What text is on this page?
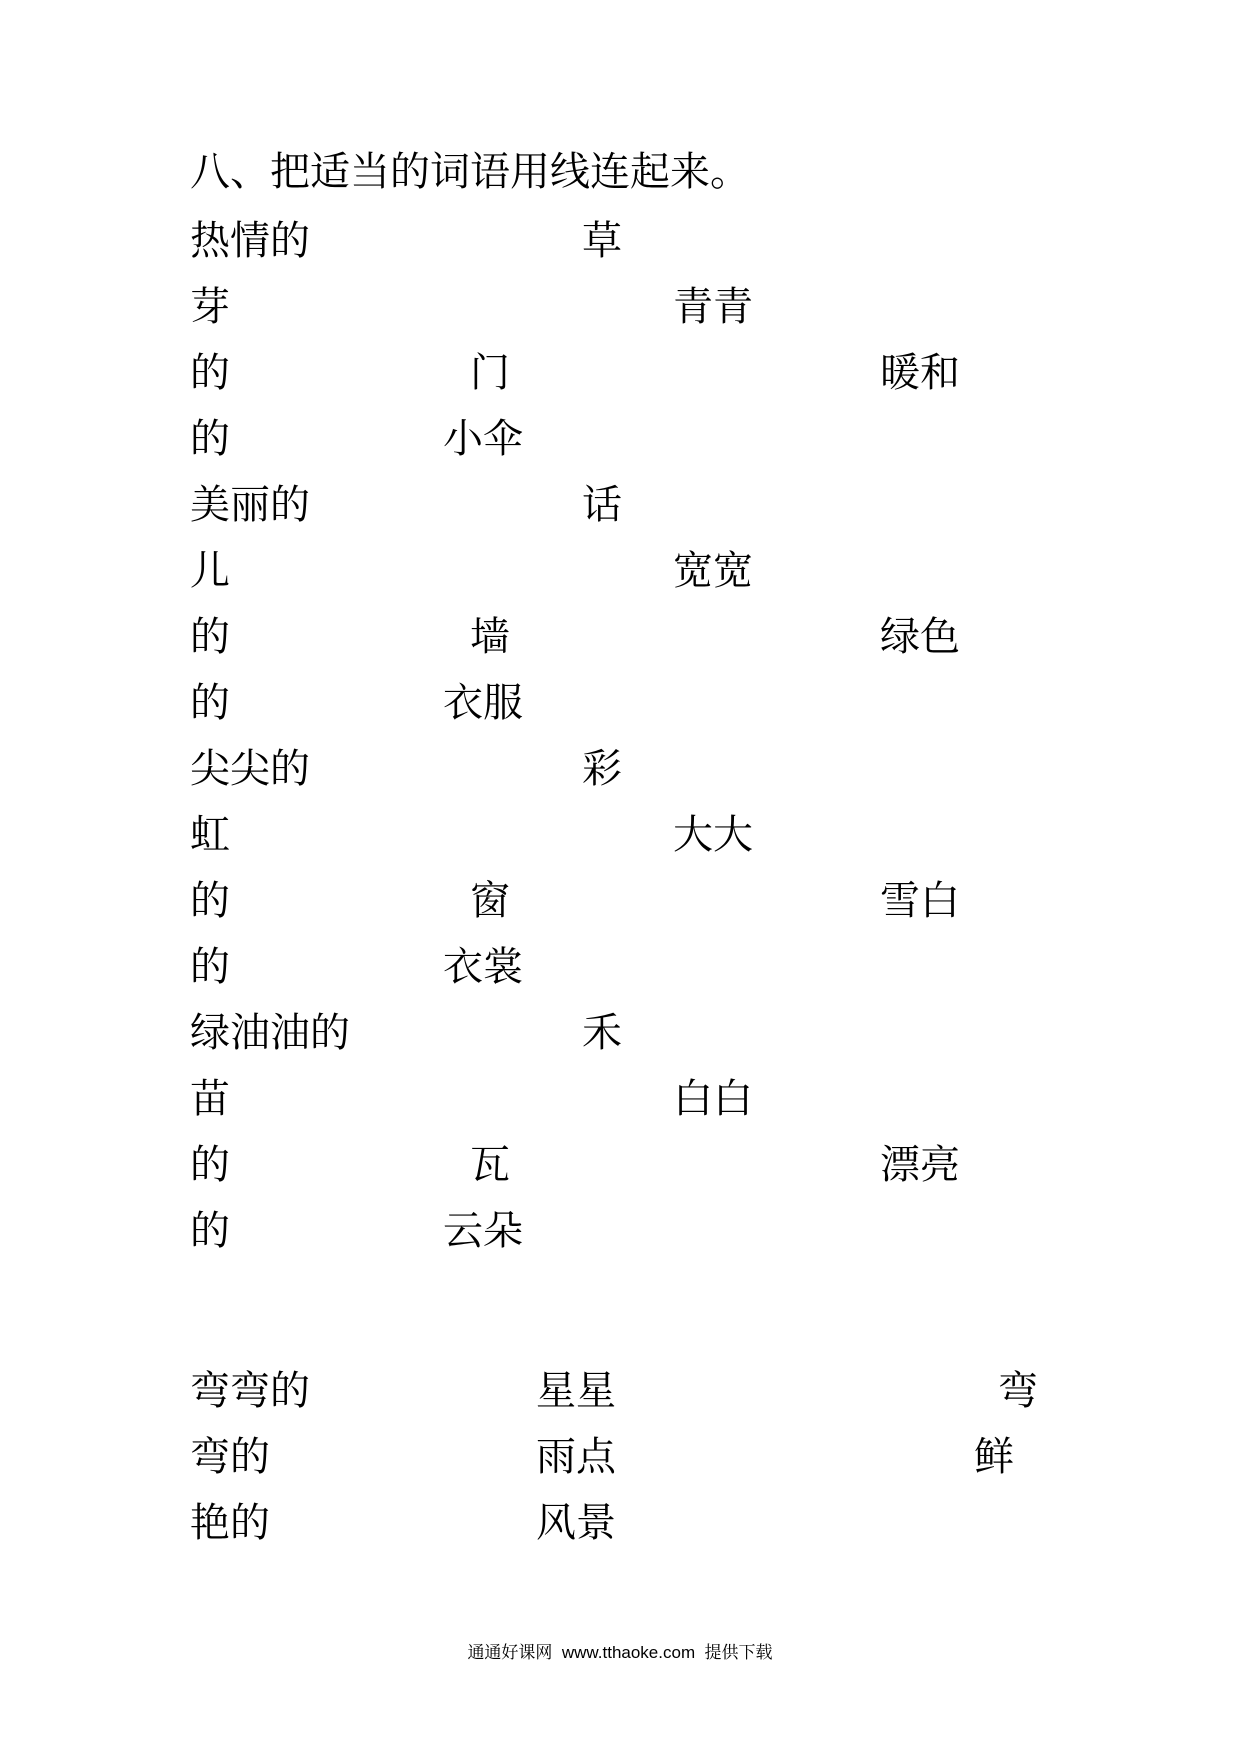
八、把适当的词语用线连起来。
热情的	草
芽	青青
的	门	暖和
的	小伞
美丽的	话
儿	宽宽
的	墙	绿色
的	衣服
尖尖的	彩
虹	大大
的	窗	雪白
的	衣裳
绿油油的	禾
苗	白白
的	瓦	漂亮
的	云朵
弯弯的	星星	弯
弯的	雨点	鲜
艳的	风景
通通好课网  www.tthaoke.com  提供下载
